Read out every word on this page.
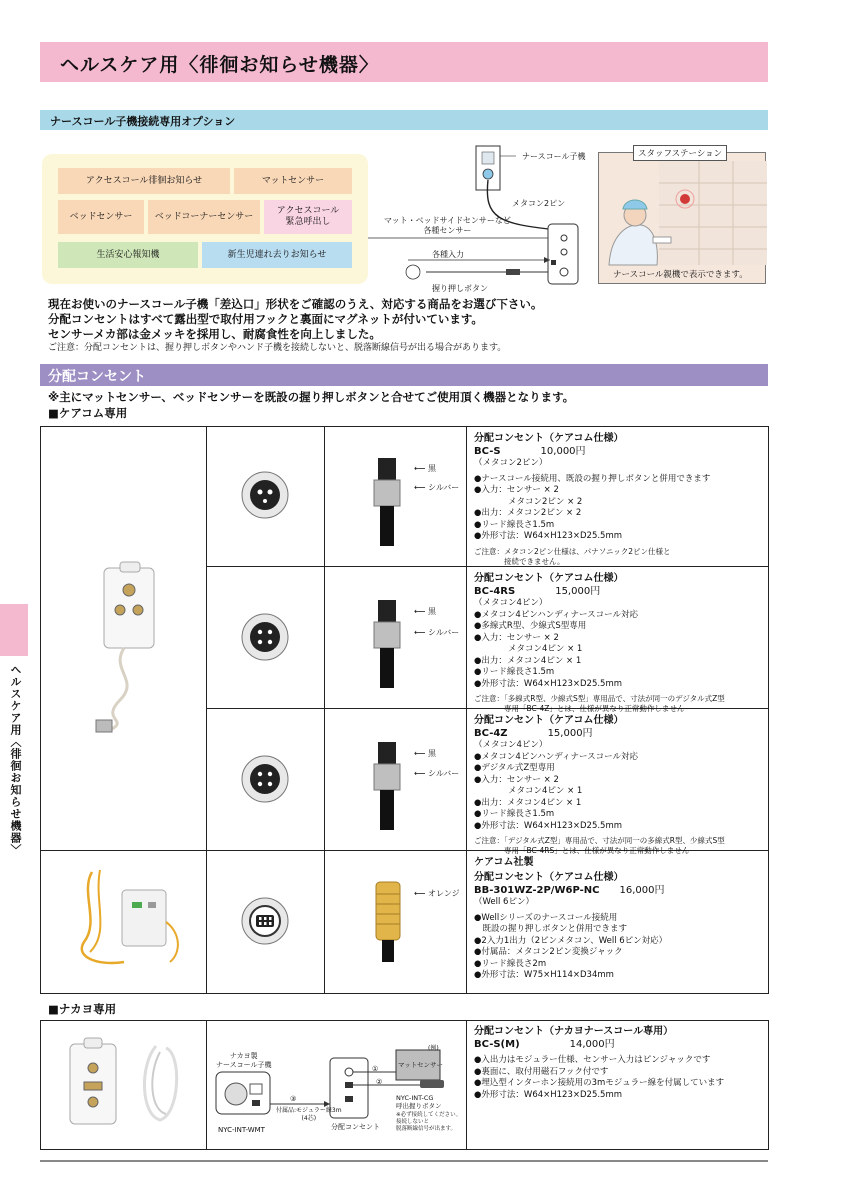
ヘルスケア用〈徘徊お知らせ機器〉
ナースコール子機接続専用オプション
アクセスコール徘徊お知らせ	マットセンサー
ベッドセンサー	ベッドコーナーセンサー
アクセスコール
緊急呼出し
生活安心報知機	新生児連れ去りお知らせ
ナースコール子機
メタコン2ピン
マット・ベッドサイドセンサーなど
各種センサー
各種入力
握り押しボタン
スタッフステーション
ナースコール親機で表示できます。

現在お使いのナースコール子機「差込口」形状をご確認のうえ、対応する商品をお選び下さい。

分配コンセントはすべて露出型で取付用フックと裏面にマグネットが付いています。

センサーメカ部は金メッキを採用し、耐腐食性を向上しました。

ご注意：分配コンセントは、握り押しボタンやハンド子機を接続しないと、脱落断線信号が出る場合があります。

分配コンセント
※主にマットセンサー、ベッドセンサーを既設の握り押しボタンと合せてご使用頂く機器となります。
■ケアコム専用
⟵ 黒
⟵ シルバー
⟵ 黒
⟵ シルバー
⟵ 黒
⟵ シルバー
⟵ オレンジ
分配コンセント（ケアコム仕様）
BC-S	10,000円
（メタコン2ピン）
●ナースコール接続用、既設の握り押しボタンと併用できます
●入力：センサー × 2
　　　　メタコン2ピン × 2
●出力：メタコン2ピン × 2
●リード線長さ1.5m
●外形寸法：W64×H123×D25.5mm
ご注意：メタコン2ピン仕様は、パナソニック2ピン仕様と
　　　　接続できません。
分配コンセント（ケアコム仕様）
BC-4RS	15,000円
（メタコン4ピン）
●メタコン4ピンハンディナースコール対応
●多線式R型、少線式S型専用
●入力：センサー × 2
　　　　メタコン4ピン × 1
●出力：メタコン4ピン × 1
●リード線長さ1.5m
●外形寸法：W64×H123×D25.5mm
ご注意：「多線式R型、少線式S型」専用品で、寸法が同一のデジタル式Z型
　　　　専用「BC-4Z」とは、仕様が異なり正常動作しません
分配コンセント（ケアコム仕様）
BC-4Z	15,000円
（メタコン4ピン）
●メタコン4ピンハンディナースコール対応
●デジタル式Z型専用
●入力：センサー × 2
　　　　メタコン4ピン × 1
●出力：メタコン4ピン × 1
●リード線長さ1.5m
●外形寸法：W64×H123×D25.5mm
ご注意：「デジタル式Z型」専用品で、寸法が同一の多線式R型、少線式S型
　　　　専用「BC-4RS」とは、仕様が異なり正常動作しません
ケアコム社製
分配コンセント（ケアコム仕様）
BB-301WZ-2P/W6P-NC 16,000円
（Well 6ピン）
●Wellシリーズのナースコール接続用
　既設の握り押しボタンと併用できます
●2入力1出力（2ピンメタコン、Well 6ピン対応）
●付属品：メタコン2ピン変換ジャック
●リード線長さ2m
●外形寸法：W75×H114×D34mm
■ナカヨ専用
ナカヨ製
ナースコール子機
NYC-INT-WMT
付属品:モジュラー線3m
(4芯)
分配コンセント
マットセンサー
(例)
①
②
③	NYC-INT-CG
呼出握りボタン
※必ず接続してください。
接続しないと
脱落断線信号が出ます。
分配コンセント（ナカヨナースコール専用）
BC-S(M)	14,000円
●入出力はモジュラー仕様、センサー入力はピンジャックです
●裏面に、取付用磁石フック付です
●埋込型インターホン接続用の3mモジュラー線を付属しています
●外形寸法：W64×H123×D25.5mm
ヘルスケア用〈徘徊お知らせ機器〉
